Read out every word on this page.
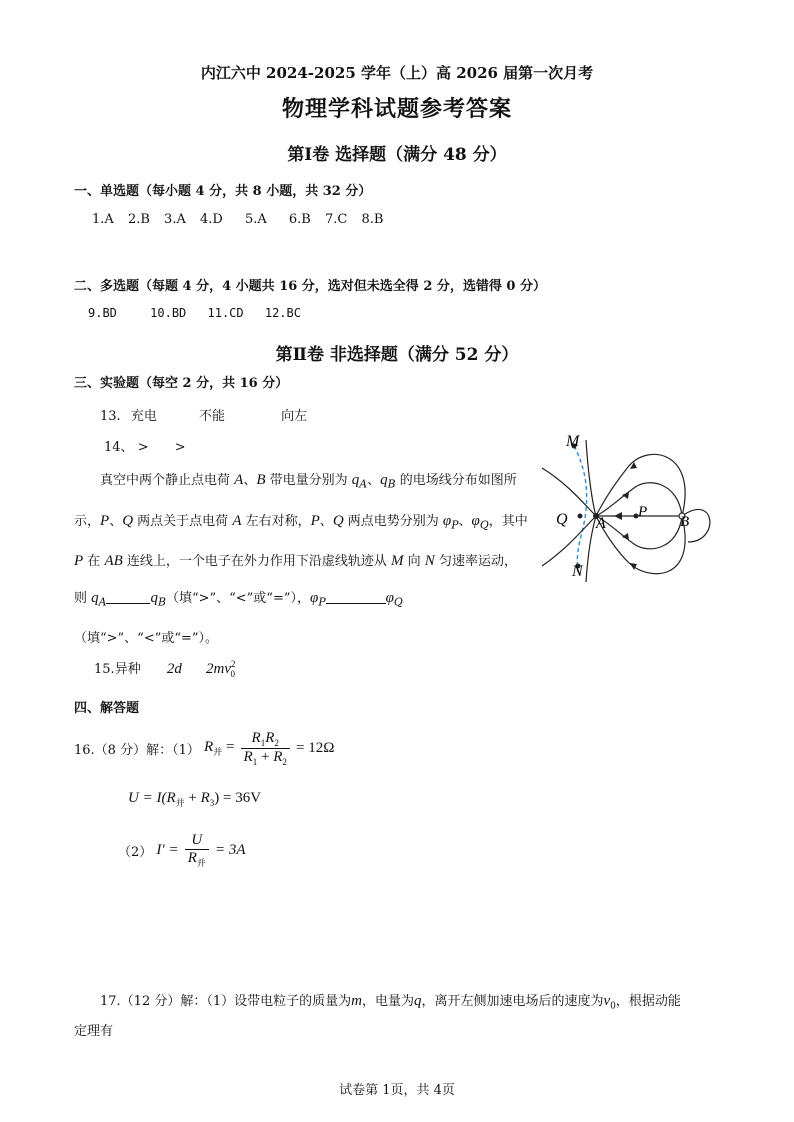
内江六中 2024-2025 学年（上）高 2026 届第一次月考
物理学科试题参考答案
第Ⅰ卷 选择题（满分 48 分）
一、单选题（每小题 4 分，共 8 小题，共 32 分）
1.A 2.B 3.A 4.D 5.A 6.B 7.C 8.B
二、多选题（每题 4 分，4 小题共 16 分，选对但未选全得 2 分，选错得 0 分）
9.BD	10.BD 11.CD 12.BC
第Ⅱ卷 非选择题（满分 52 分）
三、实验题（每空 2 分，共 16 分）
13. 充电	不能	向左
14、 > >

真空中两个静止点电荷 A、B 带电量分别为 $q_A$、$q_B$ 的电场线分布如图所示，P、Q 两点关于点电荷 A 左右对称，P、Q 两点电势分别为 $\varphi_P$、$\varphi_Q$，其中 P 在 AB 连线上，一个电子在外力作用下沿虚线轨迹从 M 向 N 匀速率运动，则 $q_A$	$q_B$（填“>”、“<”或“=”），$\varphi_P$	$\varphi_Q$（填“>”、“<”或“=”）。

M
N
Q A
P
B
15.异种 2d $2mv^2_0$
四、解答题
16.（8 分）解：（1） $R_并 = \frac{R_1R_2}{R_1 + R_2} = 12\Omega$
$U = I(R_并 + R_3) = 36V$
（2） $I' = \frac{U}{R_并} = 3A$
17.（12 分）解：（1）设带电粒子的质量为m，电量为q，离开左侧加速电场后的速度为$v_0$，根据动能
定理有
试卷第 1页，共 4页
